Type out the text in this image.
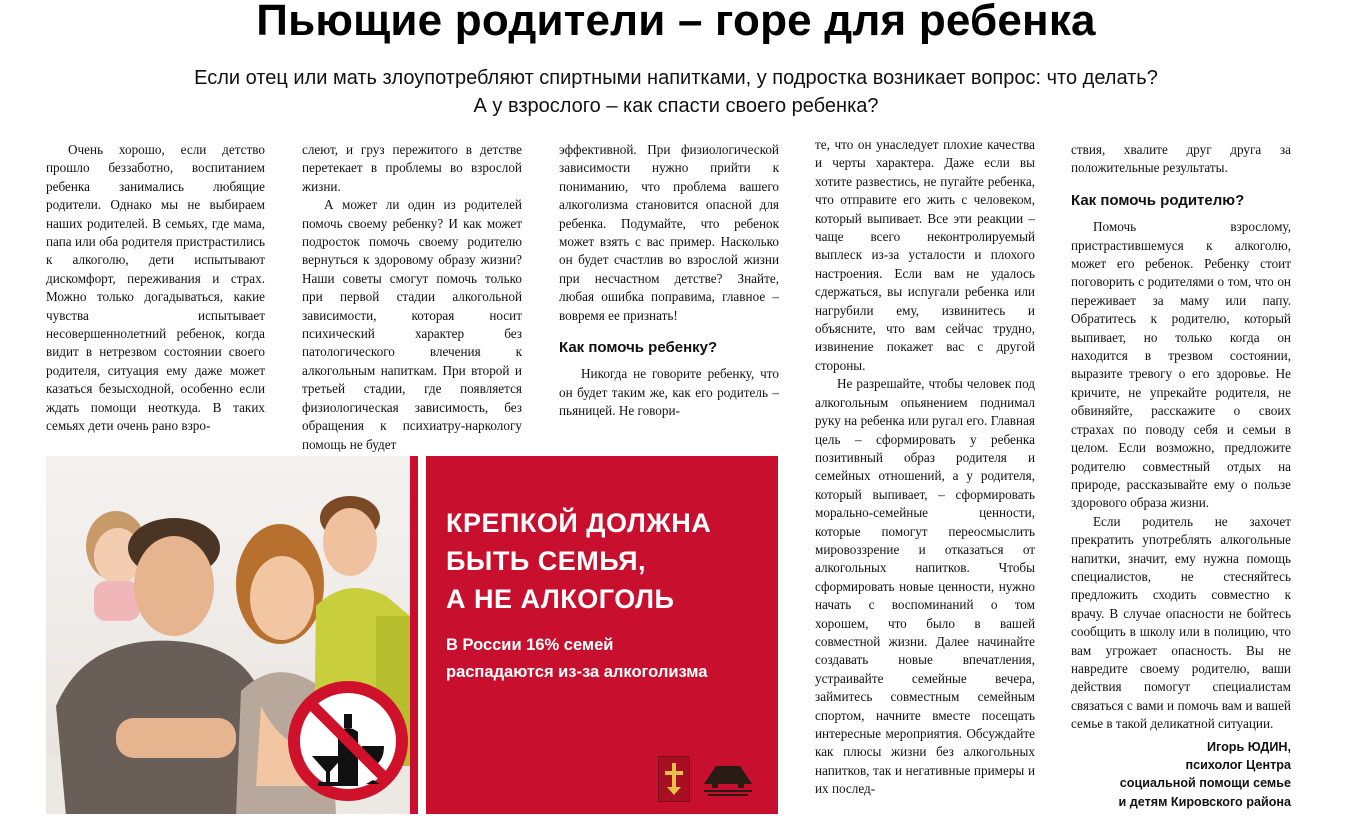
Пьющие родители – горе для ребенка
Если отец или мать злоупотребляют спиртными напитками, у подростка возникает вопрос: что делать?
А у взрослого – как спасти своего ребенка?

Очень хорошо, если детство прошло беззаботно, воспитанием ребенка занимались любящие родители. Однако мы не выбираем наших родителей. В семьях, где мама, папа или оба родителя пристрастились к алкоголю, дети испытывают дискомфорт, переживания и страх. Можно только догадываться, какие чувства испытывает несовершеннолетний ребенок, когда видит в нетрезвом состоянии своего родителя, ситуация ему даже может казаться безысходной, особенно если ждать помощи неоткуда. В таких семьях дети очень рано взро-

слеют, и груз пережитого в детстве перетекает в проблемы во взрослой жизни.

А может ли один из родителей помочь своему ребенку? И как может подросток помочь своему родителю вернуться к здоровому образу жизни? Наши советы смогут помочь только при первой стадии алкогольной зависимости, которая носит психический характер без патологического влечения к алкогольным напиткам. При второй и третьей стадии, где появляется физиологическая зависимость, без обращения к психиатру-наркологу помощь не будет

эффективной. При физиологической зависимости нужно прийти к пониманию, что проблема вашего алкоголизма становится опасной для ребенка. Подумайте, что ребенок может взять с вас пример. Насколько он будет счастлив во взрослой жизни при несчастном детстве? Знайте, любая ошибка поправима, главное – вовремя ее признать!

Как помочь ребенку?

Никогда не говорите ребенку, что он будет таким же, как его родитель – пьяницей. Не говори-

те, что он унаследует плохие качества и черты характера. Даже если вы хотите развестись, не пугайте ребенка, что отправите его жить с человеком, который выпивает. Все эти реакции – чаще всего неконтролируемый выплеск из-за усталости и плохого настроения. Если вам не удалось сдержаться, вы испугали ребенка или нагрубили ему, извинитесь и объясните, что вам сейчас трудно, извинение покажет вас с другой стороны.

Не разрешайте, чтобы человек под алкогольным опьянением поднимал руку на ребенка или ругал его. Главная цель – сформировать у ребенка позитивный образ родителя и семейных отношений, а у родителя, который выпивает, – сформировать морально-семейные ценности, которые помогут переосмыслить мировоззрение и отказаться от алкогольных напитков. Чтобы сформировать новые ценности, нужно начать с воспоминаний о том хорошем, что было в вашей совместной жизни. Далее начинайте создавать новые впечатления, устраивайте семейные вечера, займитесь совместным семейным спортом, начните вместе посещать интересные мероприятия. Обсуждайте как плюсы жизни без алкогольных напитков, так и негативные примеры и их послед-

ствия, хвалите друг друга за положительные результаты.

Как помочь родителю?

Помочь взрослому, пристрастившемуся к алкоголю, может его ребенок. Ребенку стоит поговорить с родителями о том, что он переживает за маму или папу. Обратитесь к родителю, который выпивает, но только когда он находится в трезвом состоянии, выразите тревогу о его здоровье. Не кричите, не упрекайте родителя, не обвиняйте, расскажите о своих страхах по поводу себя и семьи в целом. Если возможно, предложите родителю совместный отдых на природе, рассказывайте ему о пользе здорового образа жизни.

Если родитель не захочет прекратить употреблять алкогольные напитки, значит, ему нужна помощь специалистов, не стесняйтесь предложить сходить совместно к врачу. В случае опасности не бойтесь сообщить в школу или в полицию, что вам угрожает опасность. Вы не навредите своему родителю, ваши действия помогут специалистам связаться с вами и помочь вам и вашей семье в такой деликатной ситуации.

Игорь ЮДИН,
психолог Центра
социальной помощи семье
и детям Кировского района
КРЕПКОЙ ДОЛЖНА
БЫТЬ СЕМЬЯ,
А НЕ АЛКОГОЛЬ
В России 16% семей
распадаются из-за алкоголизма
